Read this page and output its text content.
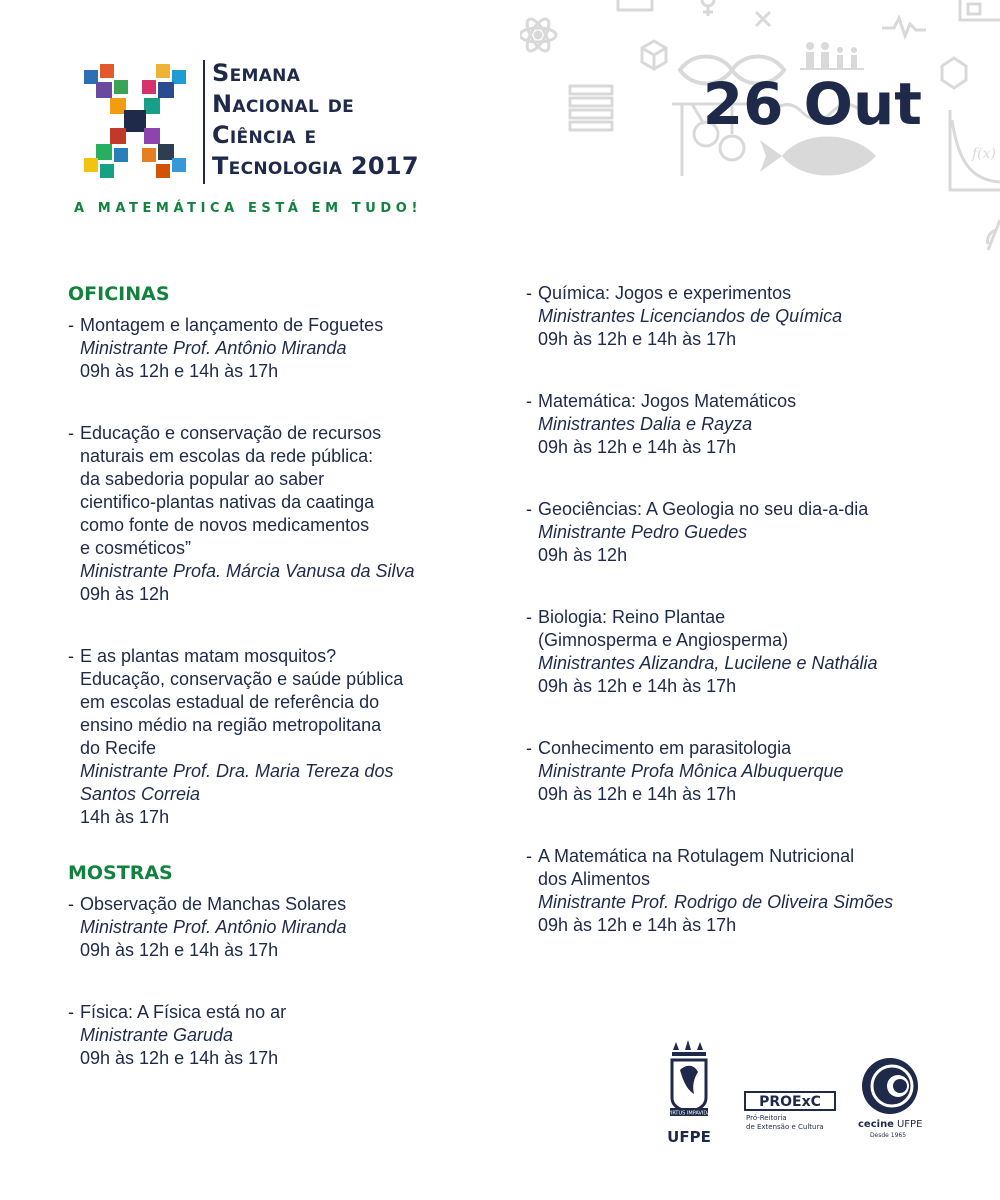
f(x)
Semana
Nacional de
Ciência e
Tecnologia 2017

A MATEMÁTICA ESTÁ EM TUDO!

26 Out
OFICINAS

- Montagem e lançamento de Foguetes

Ministrante Prof. Antônio Miranda

09h às 12h e 14h às 17h

- Educação e conservação de recursos

naturais em escolas da rede pública:

da sabedoria popular ao saber

cientifico-plantas nativas da caatinga

como fonte de novos medicamentos

e cosméticos”

Ministrante Profa. Márcia Vanusa da Silva

09h às 12h

- E as plantas matam mosquitos?

Educação, conservação e saúde pública

em escolas estadual de referência do

ensino médio na região metropolitana

do Recife

Ministrante Prof. Dra. Maria Tereza dos

Santos Correia

14h às 17h

MOSTRAS

- Observação de Manchas Solares

Ministrante Prof. Antônio Miranda

09h às 12h e 14h às 17h

- Física: A Física está no ar

Ministrante Garuda

09h às 12h e 14h às 17h

- Química: Jogos e experimentos

Ministrantes Licenciandos de Química

09h às 12h e 14h às 17h

- Matemática: Jogos Matemáticos

Ministrantes Dalia e Rayza

09h às 12h e 14h às 17h

- Geociências: A Geologia no seu dia-a-dia

Ministrante Pedro Guedes

09h às 12h

- Biologia: Reino Plantae

(Gimnosperma e Angiosperma)

Ministrantes Alizandra, Lucilene e Nathália

09h às 12h e 14h às 17h

- Conhecimento em parasitologia

Ministrante Profa Mônica Albuquerque

09h às 12h e 14h às 17h

- A Matemática na Rotulagem Nutricional

dos Alimentos

Ministrante Prof. Rodrigo de Oliveira Simões

09h às 12h e 14h às 17h

VIRTUS IMPAVIDA
UFPE
PROExC
Pró-Reitoria
de Extensão e Cultura	cecine UFPE
Desde 1965
